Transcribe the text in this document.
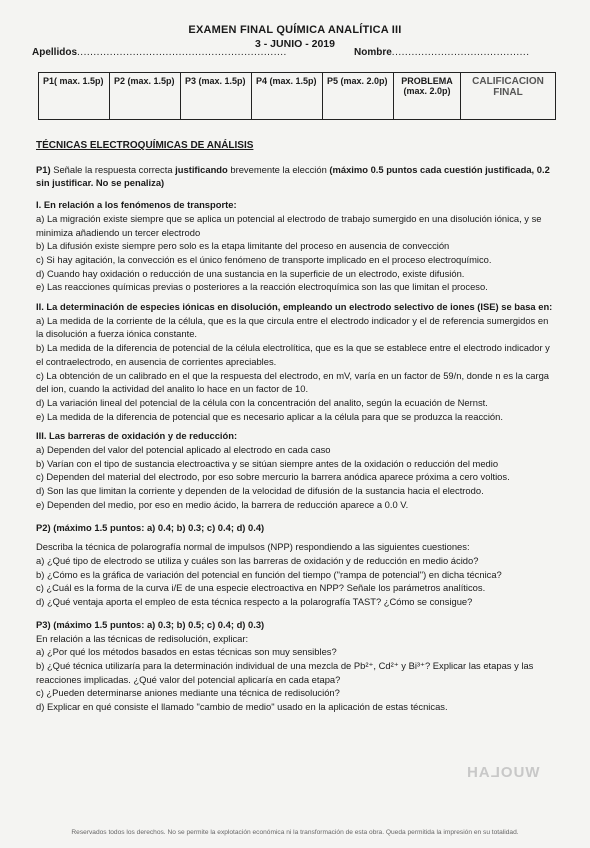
EXAMEN FINAL QUÍMICA ANALÍTICA III
3 - JUNIO - 2019
Apellidos................................................................	Nombre..........................................
P1( max. 1.5p)	P2 (max. 1.5p)	P3 (max. 1.5p)	P4 (max. 1.5p)	P5 (max. 2.0p)	PROBLEMA (max. 2.0p)	CALIFICACION FINAL
TÉCNICAS ELECTROQUÍMICAS DE ANÁLISIS
P1) Señale la respuesta correcta justificando brevemente la elección (máximo 0.5 puntos cada cuestión justificada, 0.2 sin justificar. No se penaliza)
I. En relación a los fenómenos de transporte:
a) La migración existe siempre que se aplica un potencial al electrodo de trabajo sumergido en una disolución iónica, y se minimiza añadiendo un tercer electrodo
b) La difusión existe siempre pero solo es la etapa limitante del proceso en ausencia de convección
c) Si hay agitación, la convección es el único fenómeno de transporte implicado en el proceso electroquímico.
d) Cuando hay oxidación o reducción de una sustancia en la superficie de un electrodo, existe difusión.
e) Las reacciones químicas previas o posteriores a la reacción electroquímica son las que limitan el proceso.
II. La determinación de especies iónicas en disolución, empleando un electrodo selectivo de iones (ISE) se basa en:
a) La medida de la corriente de la célula, que es la que circula entre el electrodo indicador y el de referencia sumergidos en la disolución a fuerza iónica constante.
b) La medida de la diferencia de potencial de la célula electrolítica, que es la que se establece entre el electrodo indicador y el contraelectrodo, en ausencia de corrientes apreciables.
c) La obtención de un calibrado en el que la respuesta del electrodo, en mV, varía en un factor de 59/n, donde n es la carga del ion, cuando la actividad del analito lo hace en un factor de 10.
d) La variación lineal del potencial de la célula con la concentración del analito, según la ecuación de Nernst.
e) La medida de la diferencia de potencial que es necesario aplicar a la célula para que se produzca la reacción.
III. Las barreras de oxidación y de reducción:
a) Dependen del valor del potencial aplicado al electrodo en cada caso
b) Varían con el tipo de sustancia electroactiva y se sitúan siempre antes de la oxidación o reducción del medio
c) Dependen del material del electrodo, por eso sobre mercurio la barrera anódica aparece próxima a cero voltios.
d) Son las que limitan la corriente y dependen de la velocidad de difusión de la sustancia hacia el electrodo.
e) Dependen del medio, por eso en medio ácido, la barrera de reducción aparece a 0.0 V.
P2) (máximo 1.5 puntos: a) 0.4; b) 0.3; c) 0.4; d) 0.4)
Describa la técnica de polarografía normal de impulsos (NPP) respondiendo a las siguientes cuestiones:
a) ¿Qué tipo de electrodo se utiliza y cuáles son las barreras de oxidación y de reducción en medio ácido?
b) ¿Cómo es la gráfica de variación del potencial en función del tiempo ("rampa de potencial") en dicha técnica?
c) ¿Cuál es la forma de la curva i/E de una especie electroactiva en NPP? Señale los parámetros analíticos.
d) ¿Qué ventaja aporta el empleo de esta técnica respecto a la polarografía TAST? ¿Cómo se consigue?
P3) (máximo 1.5 puntos: a) 0.3; b) 0.5; c) 0.4; d) 0.3)
En relación a las técnicas de redisolución, explicar:
a) ¿Por qué los métodos basados en estas técnicas son muy sensibles?
b) ¿Qué técnica utilizaría para la determinación individual de una mezcla de Pb²⁺, Cd²⁺ y Bi³⁺? Explicar las etapas y las reacciones implicadas. ¿Qué valor del potencial aplicaría en cada etapa?
c) ¿Pueden determinarse aniones mediante una técnica de redisolución?
d) Explicar en qué consiste el llamado "cambio de medio" usado en la aplicación de estas técnicas.
WUOLAH
Reservados todos los derechos. No se permite la explotación económica ni la transformación de esta obra. Queda permitida la impresión en su totalidad.
